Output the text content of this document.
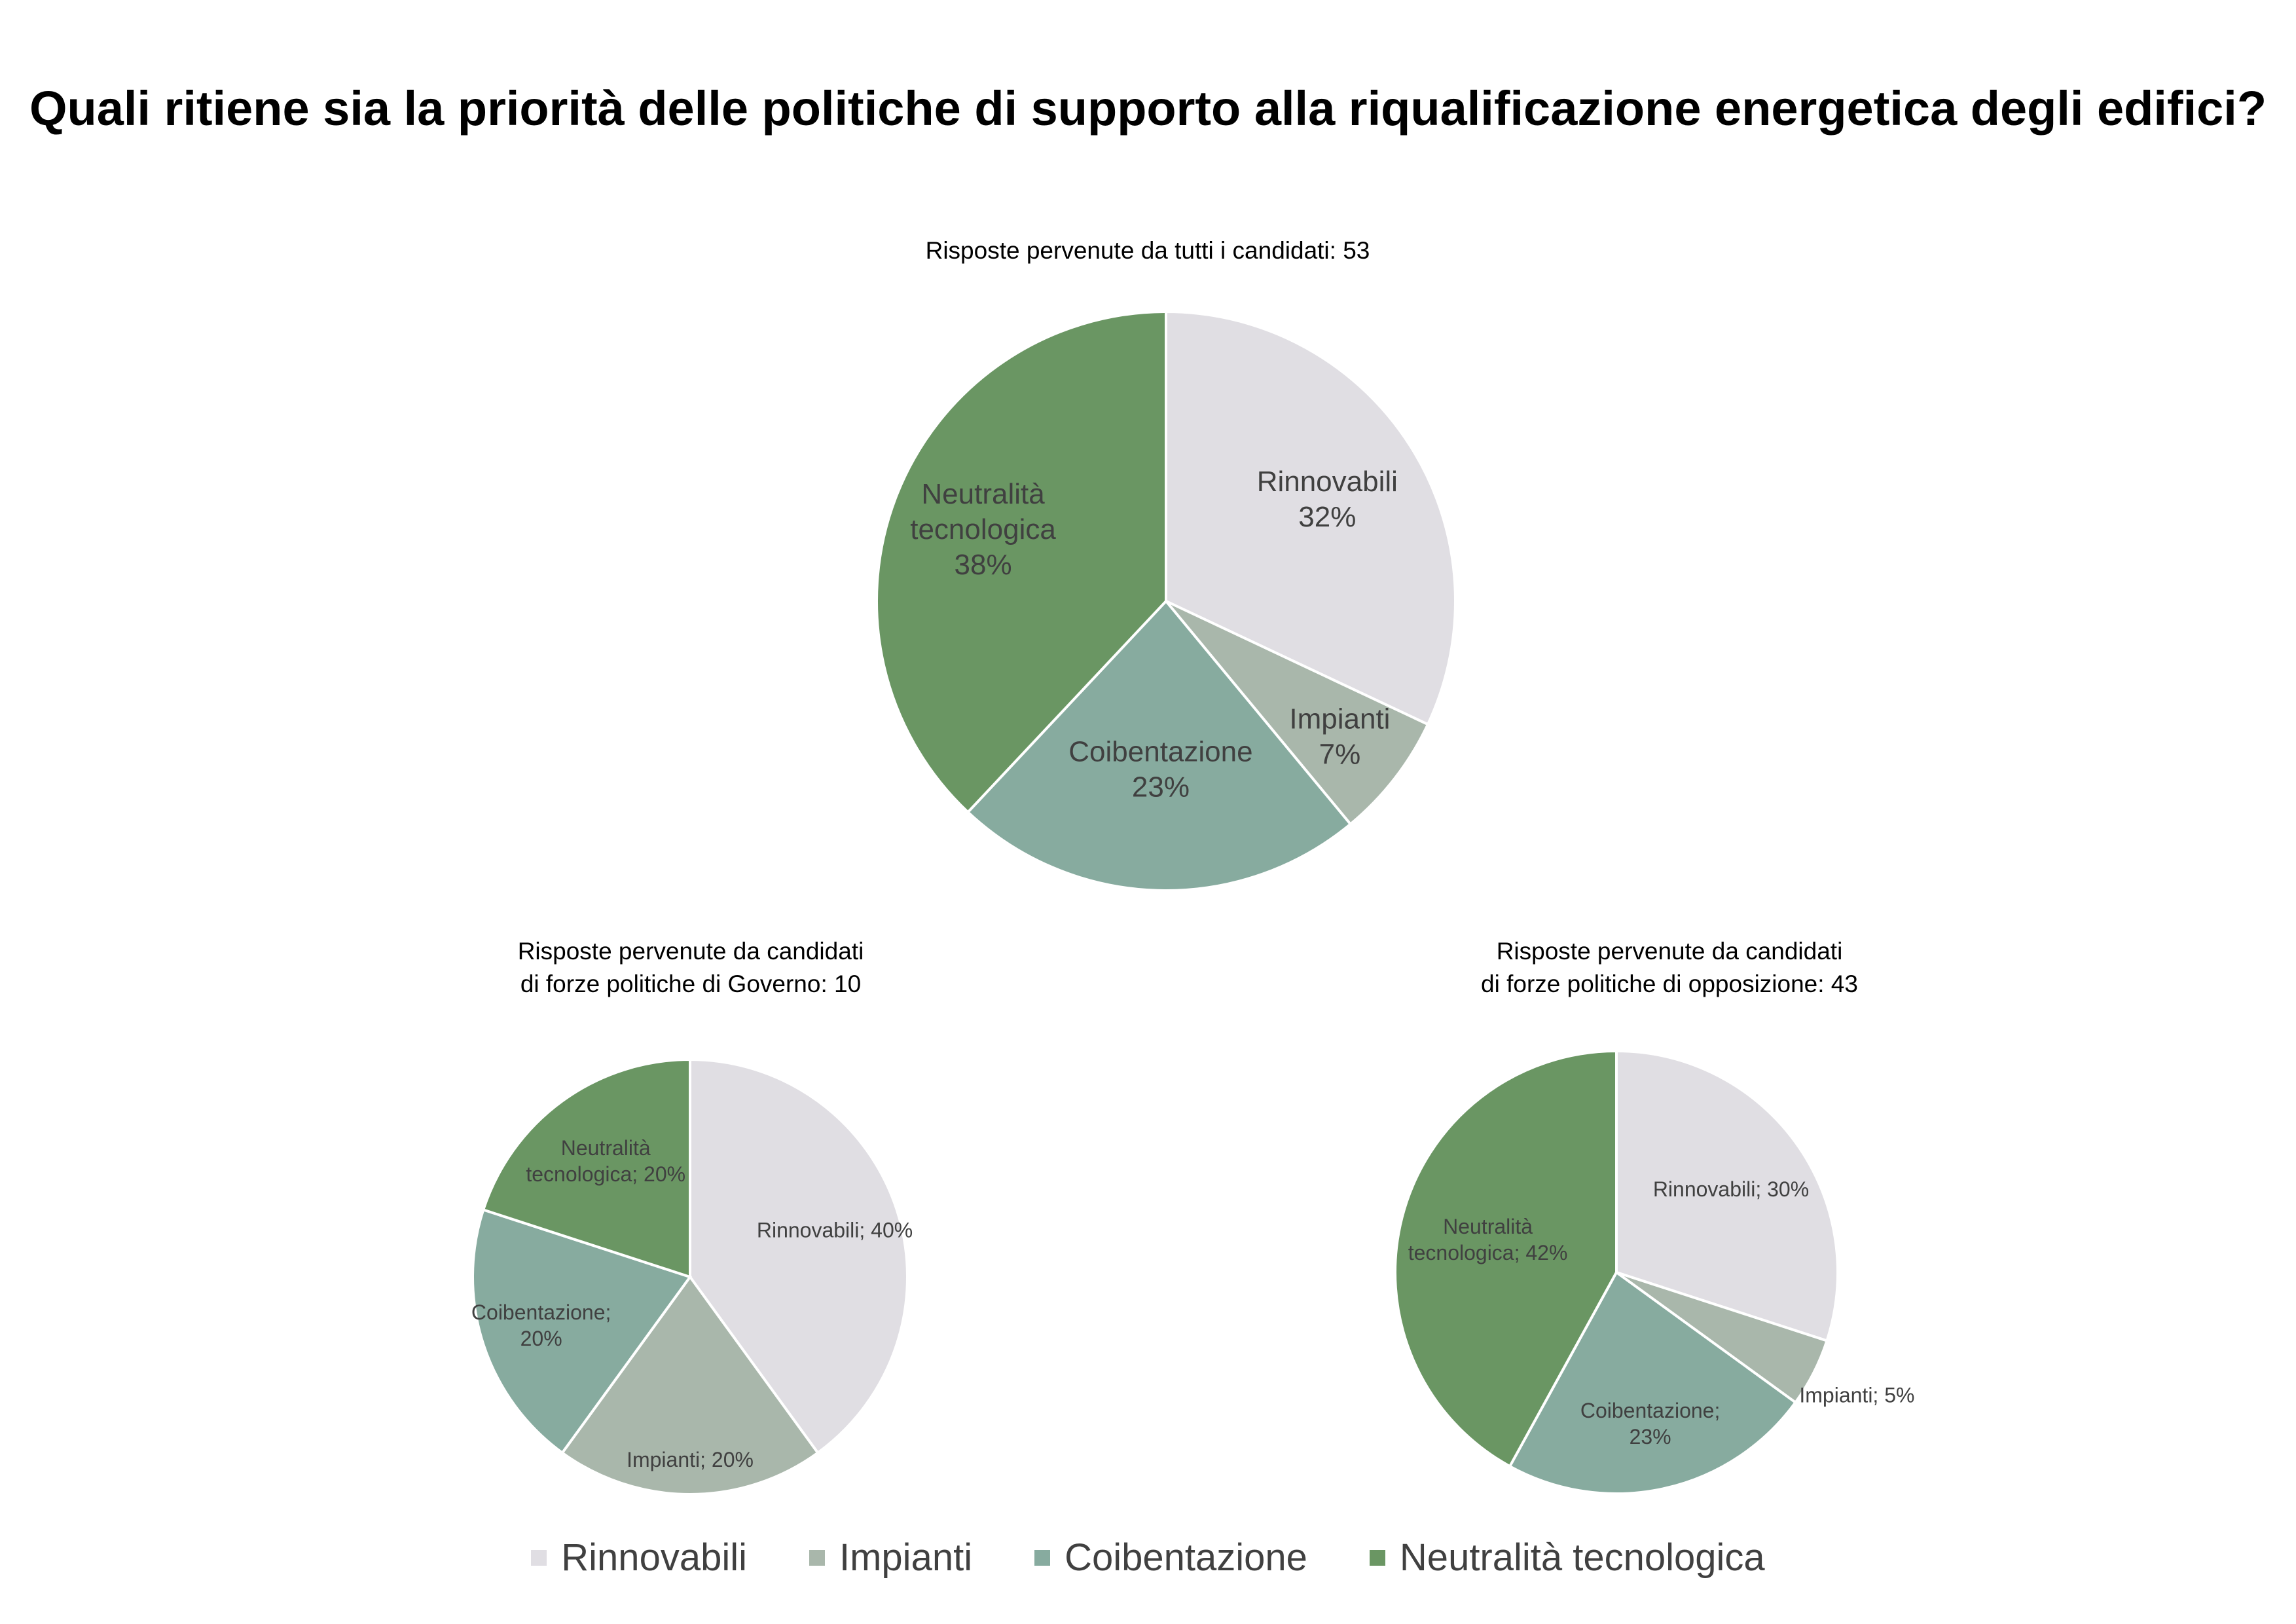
Quali ritiene sia la priorità delle politiche di supporto alla riqualificazione energetica degli edifici?
Risposte pervenute da tutti i candidati: 53
Risposte pervenute da candidati
di forze politiche di Governo: 10
Risposte pervenute da candidati
di forze politiche di opposizione: 43
Rinnovabili 32%
Impianti 7%
Coibentazione 23%
Neutralità tecnologica 38%
Rinnovabili; 40%
Impianti; 20%
Coibentazione; 20%
Neutralità tecnologica; 20%
Rinnovabili; 30%
Impianti; 5%
Coibentazione; 23%
Neutralità tecnologica; 42%
Rinnovabili Impianti Coibentazione Neutralità tecnologica
